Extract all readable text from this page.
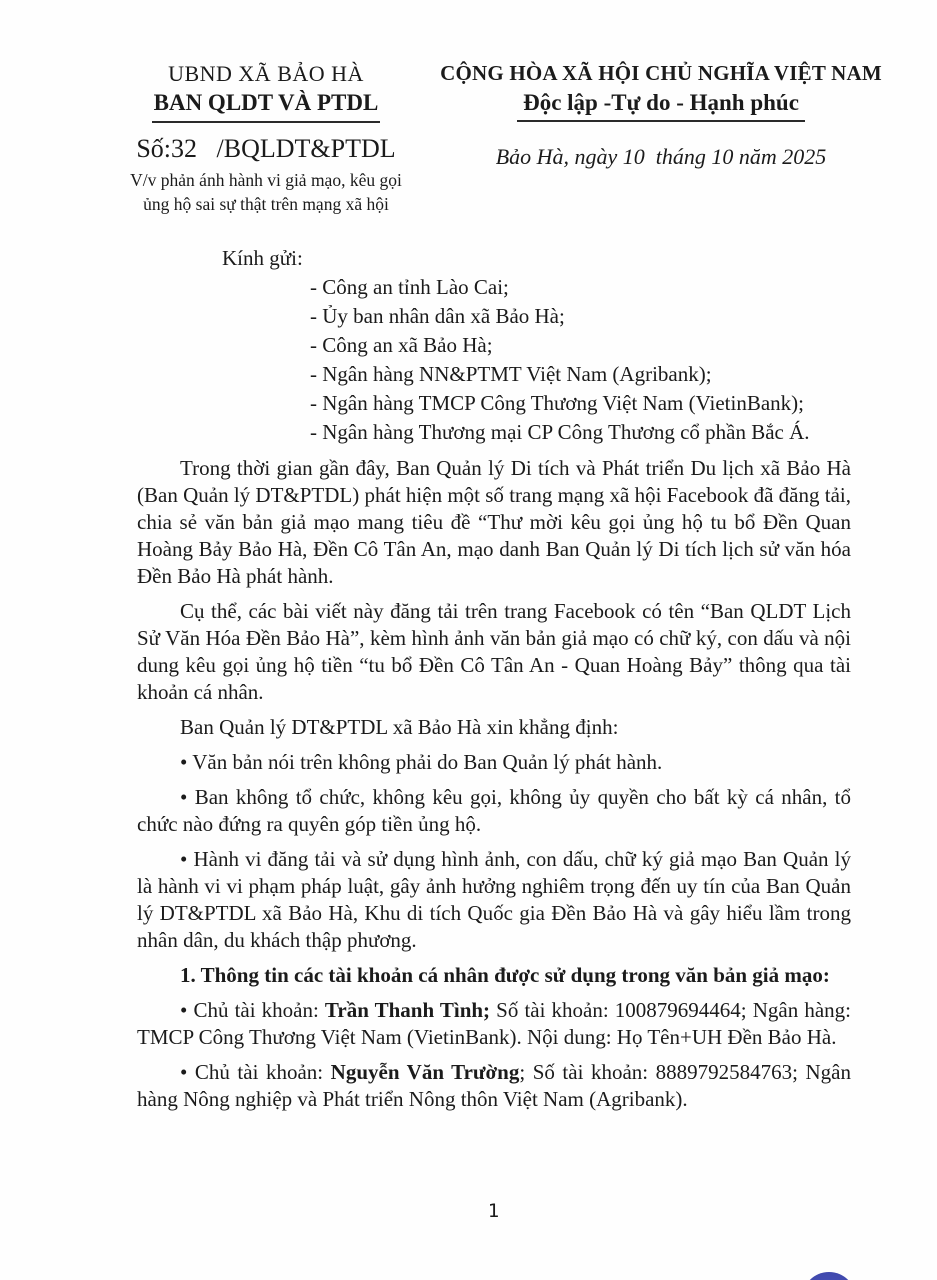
UBND XÃ BẢO HÀ
BAN QLDT VÀ PTDL
Số:32   /BQLDT&PTDL
V/v phản ánh hành vi giả mạo, kêu gọi
ủng hộ sai sự thật trên mạng xã hội
CỘNG HÒA XÃ HỘI CHỦ NGHĨA VIỆT NAM
Độc lập -Tự do - Hạnh phúc
Bảo Hà, ngày 10  tháng 10 năm 2025
Kính gửi:
- Công an tỉnh Lào Cai;
- Ủy ban nhân dân xã Bảo Hà;
- Công an xã Bảo Hà;
- Ngân hàng NN&PTMT Việt Nam (Agribank);
- Ngân hàng TMCP Công Thương Việt Nam (VietinBank);
- Ngân hàng Thương mại CP Công Thương cổ phần Bắc Á.

Trong thời gian gần đây, Ban Quản lý Di tích và Phát triển Du lịch xã Bảo Hà (Ban Quản lý DT&PTDL) phát hiện một số trang mạng xã hội Facebook đã đăng tải, chia sẻ văn bản giả mạo mang tiêu đề “Thư mời kêu gọi ủng hộ tu bổ Đền Quan Hoàng Bảy Bảo Hà, Đền Cô Tân An, mạo danh Ban Quản lý Di tích lịch sử văn hóa Đền Bảo Hà phát hành.

Cụ thể, các bài viết này đăng tải trên trang Facebook có tên “Ban QLDT Lịch Sử Văn Hóa Đền Bảo Hà”, kèm hình ảnh văn bản giả mạo có chữ ký, con dấu và nội dung kêu gọi ủng hộ tiền “tu bổ Đền Cô Tân An - Quan Hoàng Bảy” thông qua tài khoản cá nhân.

Ban Quản lý DT&PTDL xã Bảo Hà xin khẳng định:

• Văn bản nói trên không phải do Ban Quản lý phát hành.

• Ban không tổ chức, không kêu gọi, không ủy quyền cho bất kỳ cá nhân, tổ chức nào đứng ra quyên góp tiền ủng hộ.

• Hành vi đăng tải và sử dụng hình ảnh, con dấu, chữ ký giả mạo Ban Quản lý là hành vi vi phạm pháp luật, gây ảnh hưởng nghiêm trọng đến uy tín của Ban Quản lý DT&PTDL xã Bảo Hà, Khu di tích Quốc gia Đền Bảo Hà và gây hiểu lầm trong nhân dân, du khách thập phương.

1. Thông tin các tài khoản cá nhân được sử dụng trong văn bản giả mạo:

• Chủ tài khoản: Trần Thanh Tình; Số tài khoản: 100879694464; Ngân hàng: TMCP Công Thương Việt Nam (VietinBank). Nội dung: Họ Tên+UH Đền Bảo Hà.

• Chủ tài khoản: Nguyễn Văn Trường; Số tài khoản: 8889792584763; Ngân hàng Nông nghiệp và Phát triển Nông thôn Việt Nam (Agribank).

1
